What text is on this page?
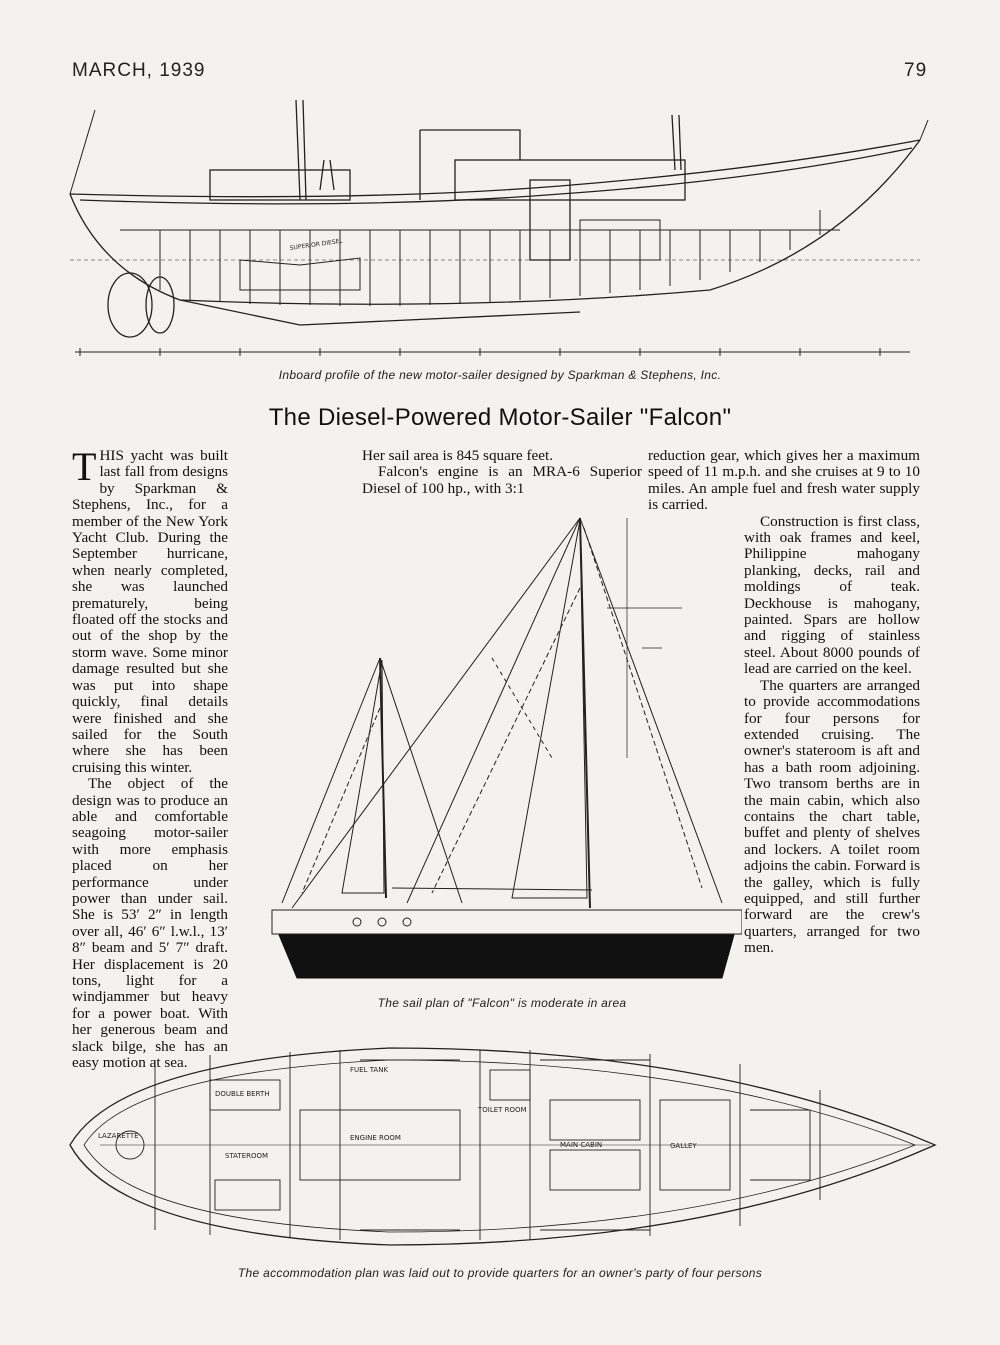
MARCH, 1939	79
SUPERIOR DIESEL
Inboard profile of the new motor-sailer designed by Sparkman & Stephens, Inc.
The Diesel-Powered Motor-Sailer "Falcon"

THIS yacht was built last fall from designs by Sparkman & Stephens, Inc., for a member of the New York Yacht Club. During the September hurricane, when nearly completed, she was launched prematurely, being floated off the stocks and out of the shop by the storm wave. Some minor damage resulted but she was put into shape quickly, final details were finished and she sailed for the South where she has been cruising this winter.

The object of the design was to produce an able and comfortable seagoing motor-sailer with more emphasis placed on her performance under power than under sail. She is 53′ 2″ in length over all, 46′ 6″ l.w.l., 13′ 8″ beam and 5′ 7″ draft. Her displacement is 20 tons, light for a windjammer but heavy for a power boat. With her generous beam and slack bilge, she has an easy motion at sea.

Her sail area is 845 square feet.

Falcon's engine is an MRA-6 Superior Diesel of 100 hp., with 3:1

reduction gear, which gives her a maximum speed of 11 m.p.h. and she cruises at 9 to 10 miles. An ample fuel and fresh water supply is carried.

Construction is first class, with oak frames and keel, Philippine mahogany planking, decks, rail and moldings of teak. Deckhouse is mahogany, painted. Spars are hollow and rigging of stainless steel. About 8000 pounds of lead are carried on the keel.

The quarters are arranged to provide accommodations for four persons for extended cruising. The owner's stateroom is aft and has a bath room adjoining. Two transom berths are in the main cabin, which also contains the chart table, buffet and plenty of shelves and lockers. A toilet room adjoins the cabin. Forward is the galley, which is fully equipped, and still further forward are the crew's quarters, arranged for two men.

The sail plan of "Falcon" is moderate in area
STATEROOM
ENGINE ROOM
MAIN CABIN	GALLEY
TOILET ROOM
LAZARETTE
DOUBLE BERTH
FUEL TANK
The accommodation plan was laid out to provide quarters for an owner's party of four persons
